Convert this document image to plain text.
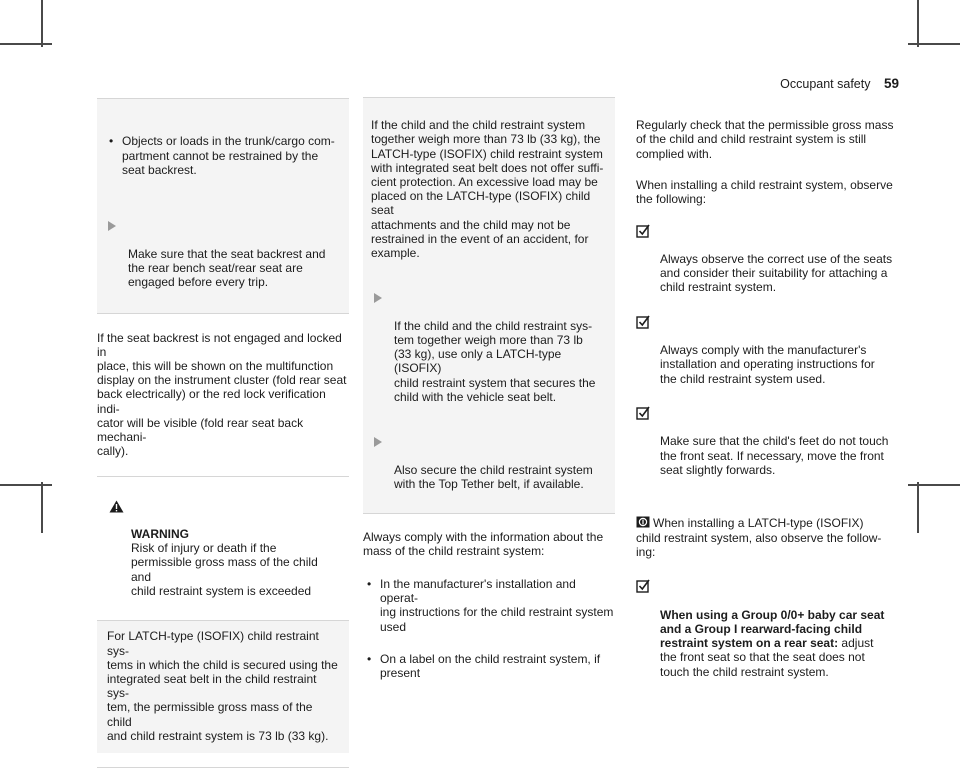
Occupant safety 59

• Objects or loads in the trunk/cargo com-
partment cannot be restrained by the
seat backrest.

Make sure that the seat backrest and
the rear bench seat/rear seat are
engaged before every trip.

If the seat backrest is not engaged and locked in
place, this will be shown on the multifunction
display on the instrument cluster (fold rear seat
back electrically) or the red lock verification indi-
cator will be visible (fold rear seat back mechani-
cally).

WARNING
Risk of injury or death if the
permissible gross mass of the child and
child restraint system is exceeded

For LATCH-type (ISOFIX) child restraint sys-
tems in which the child is secured using the
integrated seat belt in the child restraint sys-
tem, the permissible gross mass of the child
and child restraint system is 73 lb (33 kg).

If the child and the child restraint system
together weigh more than 73 lb (33 kg), the
LATCH-type (ISOFIX) child restraint system
with integrated seat belt does not offer suffi-
cient protection. An excessive load may be
placed on the LATCH-type (ISOFIX) child seat
attachments and the child may not be
restrained in the event of an accident, for
example.

If the child and the child restraint sys-
tem together weigh more than 73 lb
(33 kg), use only a LATCH-type (ISOFIX)
child restraint system that secures the
child with the vehicle seat belt.

Also secure the child restraint system
with the Top Tether belt, if available.

Always comply with the information about the
mass of the child restraint system:

• In the manufacturer's installation and operat-
ing instructions for the child restraint system
used

• On a label on the child restraint system, if
present

Regularly check that the permissible gross mass
of the child and child restraint system is still
complied with.

When installing a child restraint system, observe
the following:

Always observe the correct use of the seats
and consider their suitability for attaching a
child restraint system.

Always comply with the manufacturer's
installation and operating instructions for
the child restraint system used.

Make sure that the child's feet do not touch
the front seat. If necessary, move the front
seat slightly forwards.

When installing a LATCH-type (ISOFIX)
child restraint system, also observe the follow-
ing:

When using a Group 0/0+ baby car seat
and a Group I rearward-facing child
restraint system on a rear seat: adjust
the front seat so that the seat does not
touch the child restraint system.
